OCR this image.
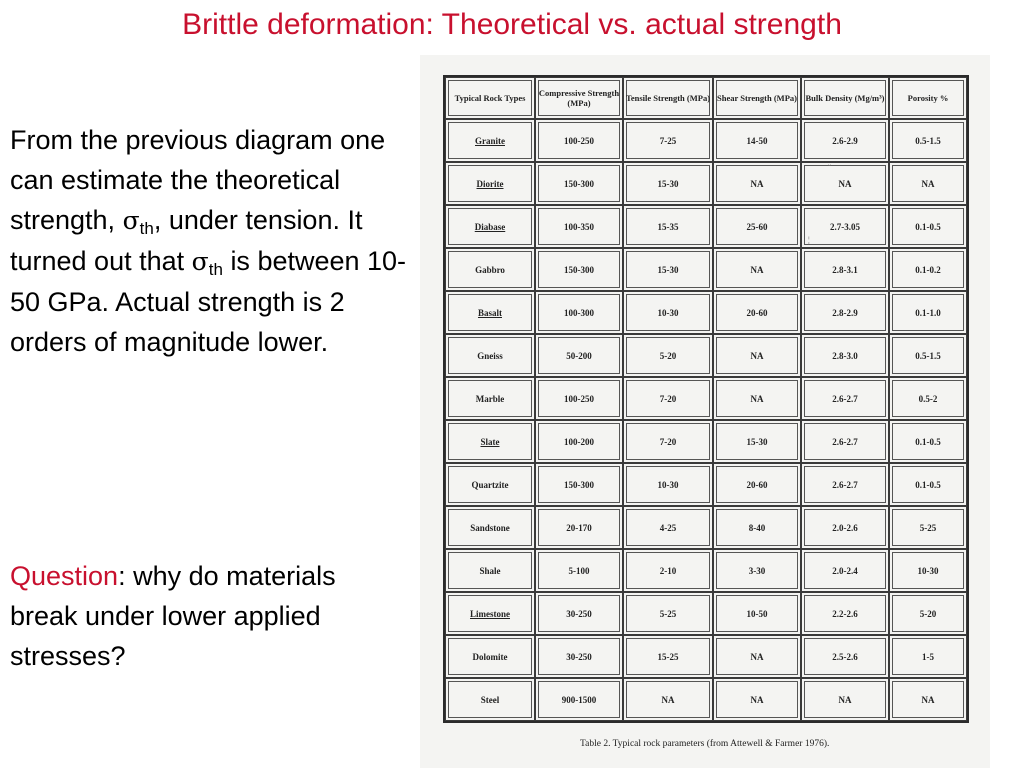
Brittle deformation: Theoretical vs. actual strength
From the previous diagram one can estimate the theoretical strength, $\sigma_{th}$, under tension. It turned out that $\sigma_{th}$ is between 10-50 GPa. Actual strength is 2 orders of magnitude lower.
Question: why do materials break under lower applied stresses?
Typical Rock Types	Compressive Strength (MPa)	Tensile Strength (MPa)	Shear Strength (MPa)	Bulk Density (Mg/m³)	Porosity %
Granite	100-250	7-25	14-50	2.6-2.9	0.5-1.5
Diorite	150-300	15-30	NA	NA	NA
Diabase	100-350	15-35	25-60	2.7-3.05	0.1-0.5
Gabbro	150-300	15-30	NA	2.8-3.1	0.1-0.2
Basalt	100-300	10-30	20-60	2.8-2.9	0.1-1.0
Gneiss	50-200	5-20	NA	2.8-3.0	0.5-1.5
Marble	100-250	7-20	NA	2.6-2.7	0.5-2
Slate	100-200	7-20	15-30	2.6-2.7	0.1-0.5
Quartzite	150-300	10-30	20-60	2.6-2.7	0.1-0.5
Sandstone	20-170	4-25	8-40	2.0-2.6	5-25
Shale	5-100	2-10	3-30	2.0-2.4	10-30
Limestone	30-250	5-25	10-50	2.2-2.6	5-20
Dolomite	30-250	15-25	NA	2.5-2.6	1-5
Steel	900-1500	NA	NA	NA	NA
ˇ
¦
Table 2. Typical rock parameters (from Attewell & Farmer 1976).
